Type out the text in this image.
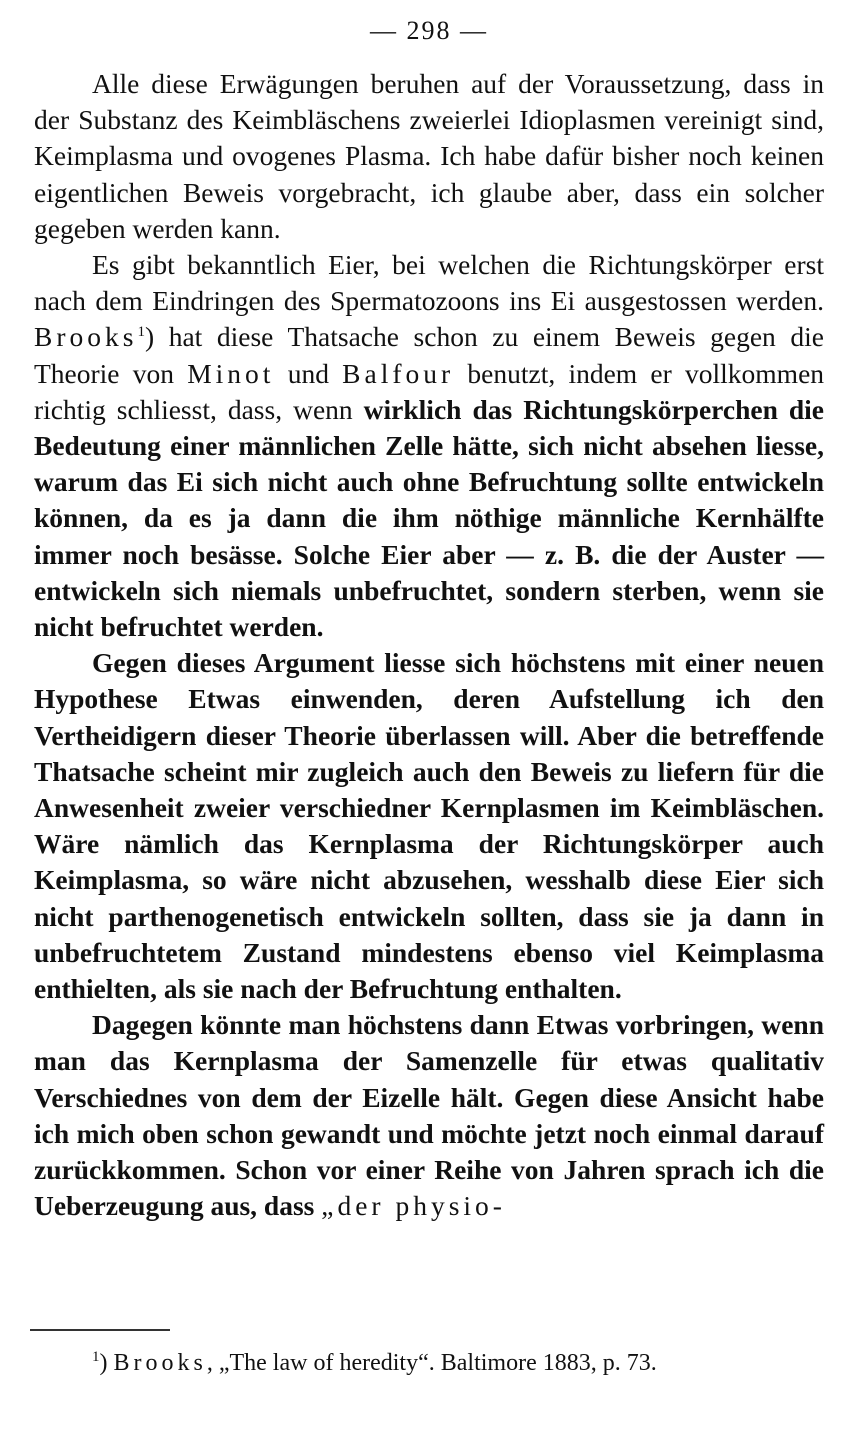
— 298 —

Alle diese Erwägungen beruhen auf der Voraussetzung, dass in der Substanz des Keimbläschens zweierlei Idioplasmen vereinigt sind, Keimplasma und ovogenes Plasma. Ich habe dafür bisher noch keinen eigentlichen Beweis vorgebracht, ich glaube aber, dass ein solcher gegeben werden kann.

Es gibt bekanntlich Eier, bei welchen die Richtungskörper erst nach dem Eindringen des Spermatozoons ins Ei ausgestossen werden. Brooks$^1$) hat diese Thatsache schon zu einem Beweis gegen die Theorie von Minot und Balfour benutzt, indem er vollkommen richtig schliesst, dass, wenn wirklich das Richtungskörperchen die Bedeutung einer männlichen Zelle hätte, sich nicht absehen liesse, warum das Ei sich nicht auch ohne Befruchtung sollte entwickeln können, da es ja dann die ihm nöthige männliche Kernhälfte immer noch besässe. Solche Eier aber — z. B. die der Auster — entwickeln sich niemals unbefruchtet, sondern sterben, wenn sie nicht befruchtet werden.

Gegen dieses Argument liesse sich höchstens mit einer neuen Hypothese Etwas einwenden, deren Aufstellung ich den Vertheidigern dieser Theorie überlassen will. Aber die betreffende Thatsache scheint mir zugleich auch den Beweis zu liefern für die Anwesenheit zweier verschiedner Kernplasmen im Keimbläschen. Wäre nämlich das Kernplasma der Richtungskörper auch Keimplasma, so wäre nicht abzusehen, wesshalb diese Eier sich nicht parthenogenetisch entwickeln sollten, dass sie ja dann in unbefruchtetem Zustand mindestens ebenso viel Keimplasma enthielten, als sie nach der Befruchtung enthalten.

Dagegen könnte man höchstens dann Etwas vorbringen, wenn man das Kernplasma der Samenzelle für etwas qualitativ Verschiednes von dem der Eizelle hält. Gegen diese Ansicht habe ich mich oben schon gewandt und möchte jetzt noch einmal darauf zurückkommen. Schon vor einer Reihe von Jahren sprach ich die Ueberzeugung aus, dass „der physio-

$^1$) Brooks, „The law of heredity“. Baltimore 1883, p. 73.
